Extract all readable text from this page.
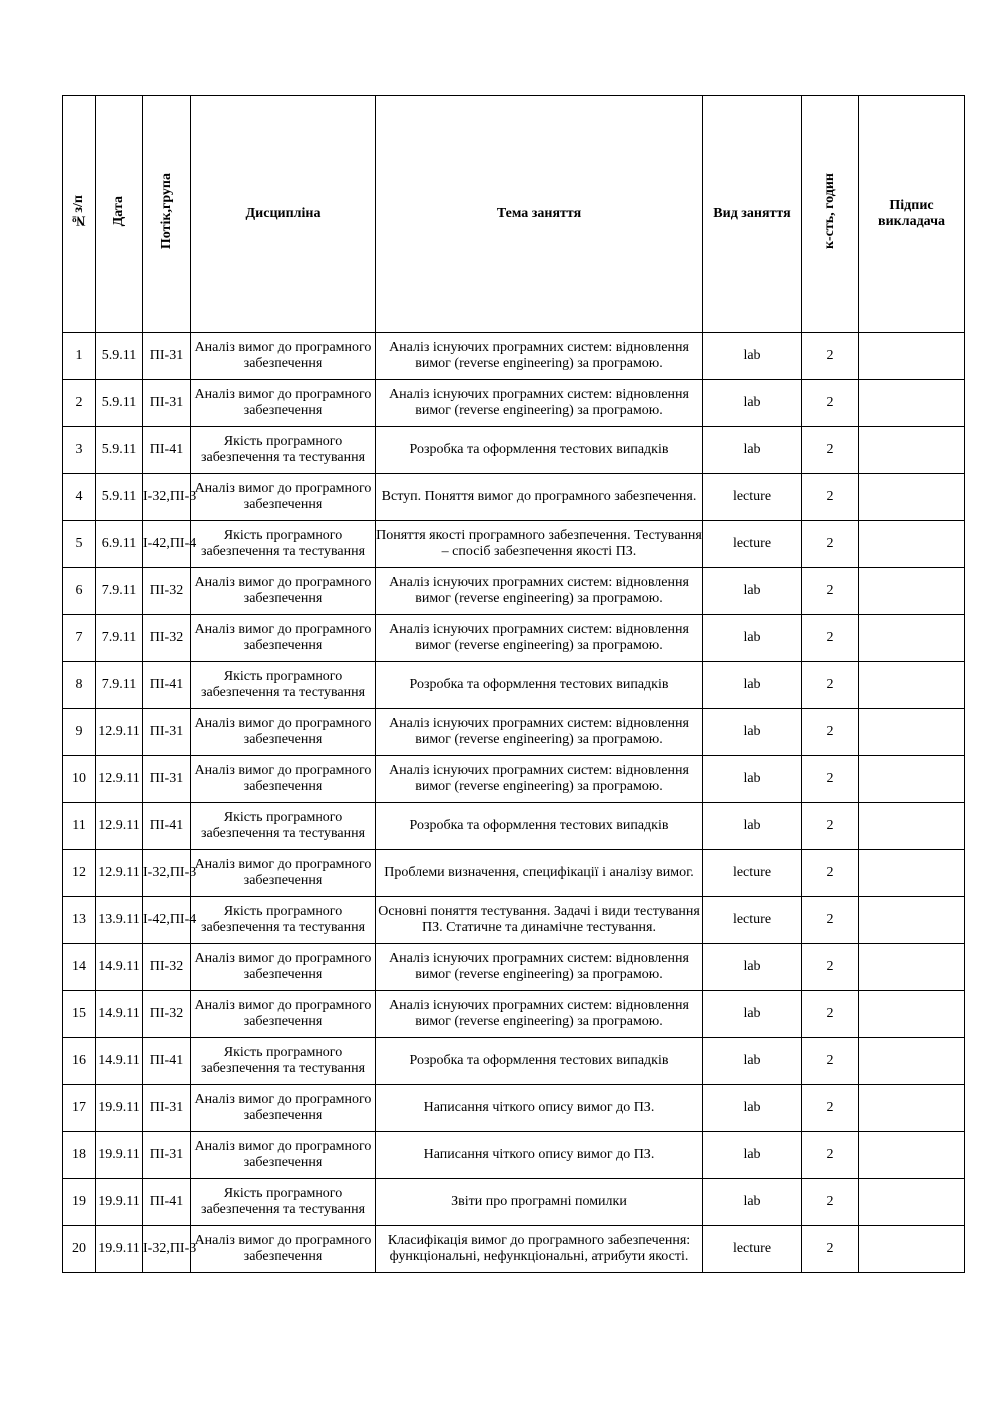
№з/п	Дата	Потік,група	Дисципліна	Тема заняття	Вид заняття	к-сть, годин	Підпис
викладача

1	5.9.11	ПІ-31	Аналіз вимог до програмного забезпечення	Аналіз існуючих програмних систем: відновлення вимог (reverse engineering) за програмою.	lab	2	
2	5.9.11	ПІ-31	Аналіз вимог до програмного забезпечення	Аналіз існуючих програмних систем: відновлення вимог (reverse engineering) за програмою.	lab	2	
3	5.9.11	ПІ-41	Якість програмного забезпечення та тестування	Розробка та оформлення тестових випадків	lab	2	
4	5.9.11	І-32,ПІ-3	Аналіз вимог до програмного забезпечення	Вступ. Поняття вимог до програмного забезпечення.	lecture	2	
5	6.9.11	І-42,ПІ-4	Якість програмного забезпечення та тестування	Поняття якості програмного забезпечення. Тестування – спосіб забезпечення якості ПЗ.	lecture	2	
6	7.9.11	ПІ-32	Аналіз вимог до програмного забезпечення	Аналіз існуючих програмних систем: відновлення вимог (reverse engineering) за програмою.	lab	2	
7	7.9.11	ПІ-32	Аналіз вимог до програмного забезпечення	Аналіз існуючих програмних систем: відновлення вимог (reverse engineering) за програмою.	lab	2	
8	7.9.11	ПІ-41	Якість програмного забезпечення та тестування	Розробка та оформлення тестових випадків	lab	2	
9	12.9.11	ПІ-31	Аналіз вимог до програмного забезпечення	Аналіз існуючих програмних систем: відновлення вимог (reverse engineering) за програмою.	lab	2	
10	12.9.11	ПІ-31	Аналіз вимог до програмного забезпечення	Аналіз існуючих програмних систем: відновлення вимог (reverse engineering) за програмою.	lab	2	
11	12.9.11	ПІ-41	Якість програмного забезпечення та тестування	Розробка та оформлення тестових випадків	lab	2	
12	12.9.11	І-32,ПІ-3	Аналіз вимог до програмного забезпечення	Проблеми визначення, специфікації і аналізу вимог.	lecture	2	
13	13.9.11	І-42,ПІ-4	Якість програмного забезпечення та тестування	Основні поняття тестування. Задачі і види тестування ПЗ. Статичне та динамічне тестування.	lecture	2	
14	14.9.11	ПІ-32	Аналіз вимог до програмного забезпечення	Аналіз існуючих програмних систем: відновлення вимог (reverse engineering) за програмою.	lab	2	
15	14.9.11	ПІ-32	Аналіз вимог до програмного забезпечення	Аналіз існуючих програмних систем: відновлення вимог (reverse engineering) за програмою.	lab	2	
16	14.9.11	ПІ-41	Якість програмного забезпечення та тестування	Розробка та оформлення тестових випадків	lab	2	
17	19.9.11	ПІ-31	Аналіз вимог до програмного забезпечення	Написання чіткого опису вимог до ПЗ.	lab	2	
18	19.9.11	ПІ-31	Аналіз вимог до програмного забезпечення	Написання чіткого опису вимог до ПЗ.	lab	2	
19	19.9.11	ПІ-41	Якість програмного забезпечення та тестування	Звіти про програмні помилки	lab	2	
20	19.9.11	І-32,ПІ-3	Аналіз вимог до програмного забезпечення	Класифікація вимог до програмного забезпечення: функціональні, нефункціональні, атрибути якості.	lecture	2	
